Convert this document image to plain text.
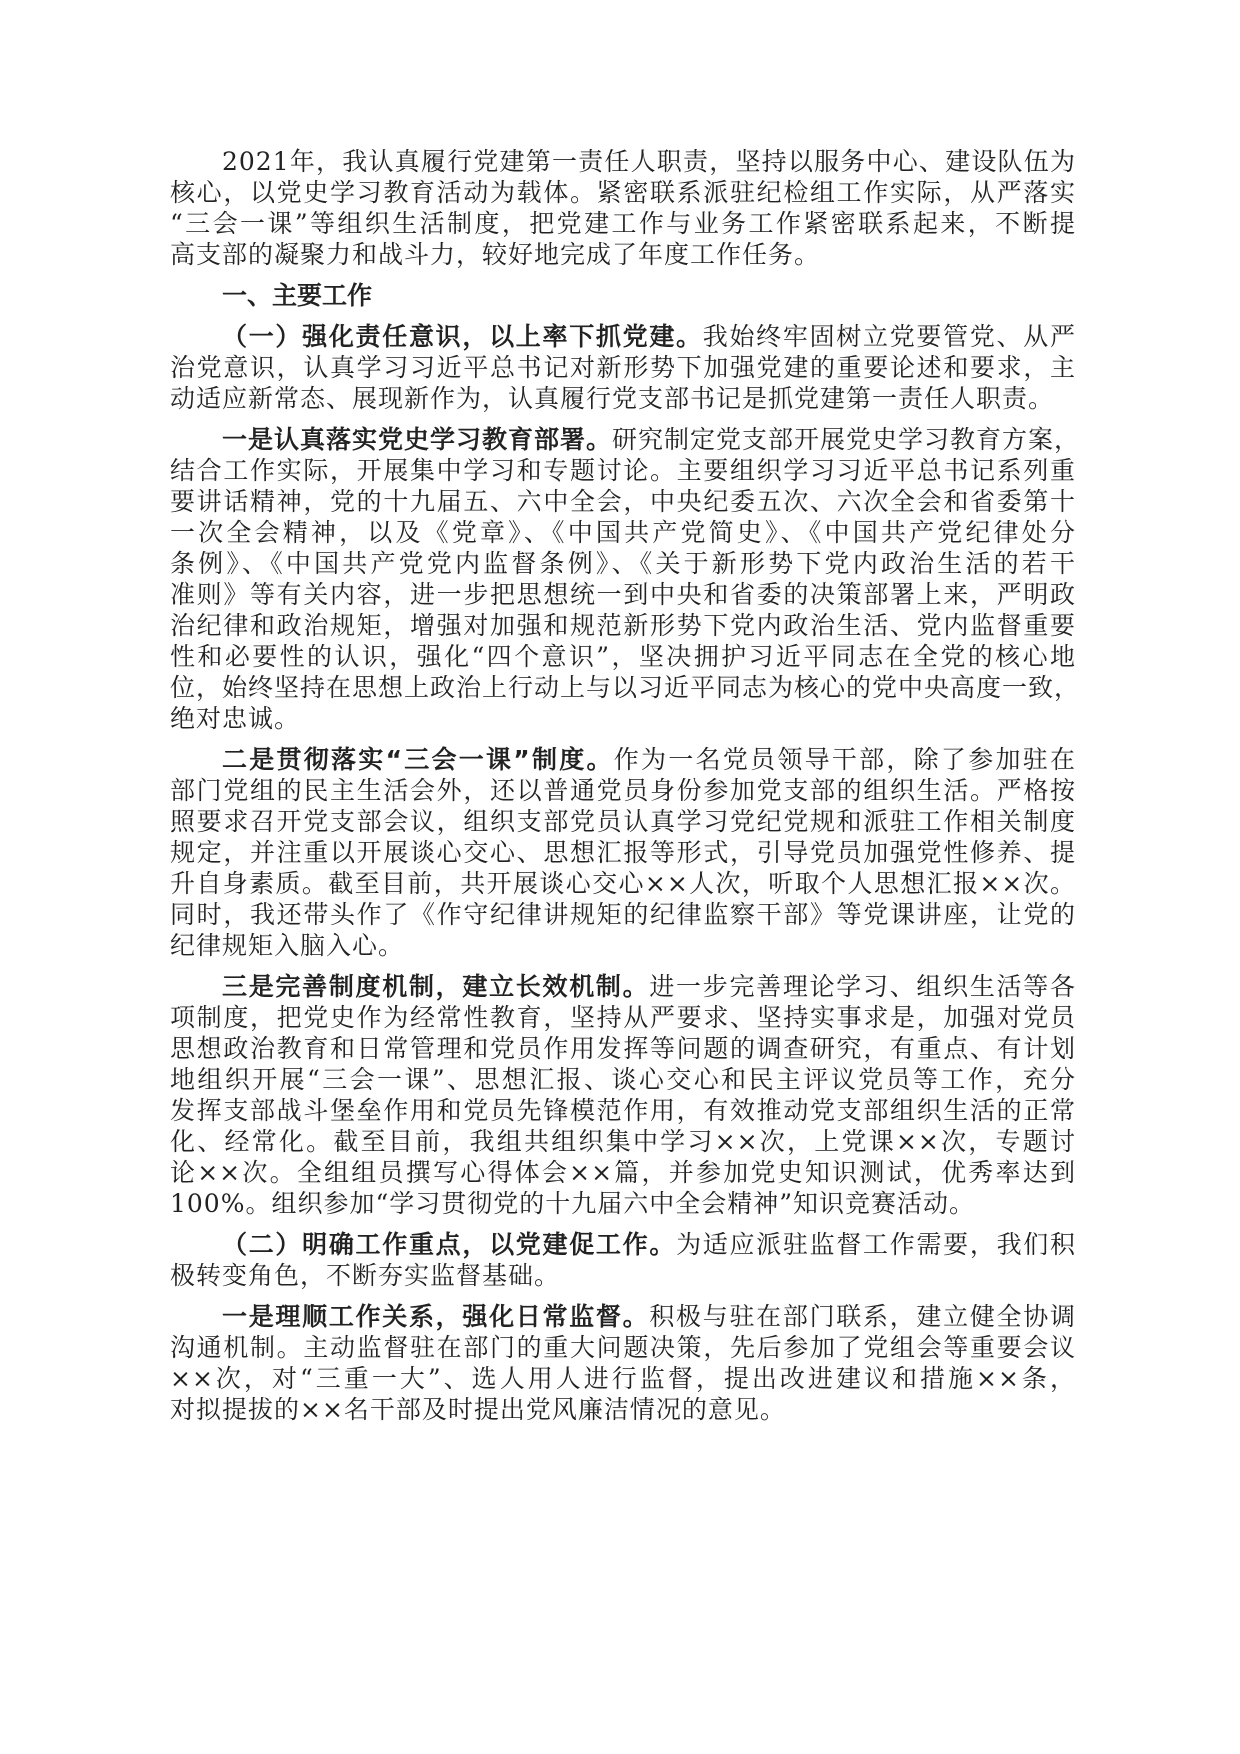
2021年，我认真履行党建第一责任人职责，坚持以服务中心、建设队伍为
核心，以党史学习教育活动为载体。紧密联系派驻纪检组工作实际，从严落实
“三会一课”等组织生活制度，把党建工作与业务工作紧密联系起来，不断提
高支部的凝聚力和战斗力，较好地完成了年度工作任务。
一、主要工作
（一）强化责任意识，以上率下抓党建。我始终牢固树立党要管党、从严
治党意识，认真学习习近平总书记对新形势下加强党建的重要论述和要求，主
动适应新常态、展现新作为，认真履行党支部书记是抓党建第一责任人职责。
一是认真落实党史学习教育部署。研究制定党支部开展党史学习教育方案，
结合工作实际，开展集中学习和专题讨论。主要组织学习习近平总书记系列重
要讲话精神，党的十九届五、六中全会，中央纪委五次、六次全会和省委第十
一次全会精神，以及《党章》、《中国共产党简史》、《中国共产党纪律处分
条例》、《中国共产党党内监督条例》、《关于新形势下党内政治生活的若干
准则》等有关内容，进一步把思想统一到中央和省委的决策部署上来，严明政
治纪律和政治规矩，增强对加强和规范新形势下党内政治生活、党内监督重要
性和必要性的认识，强化“四个意识”，坚决拥护习近平同志在全党的核心地
位，始终坚持在思想上政治上行动上与以习近平同志为核心的党中央高度一致，
绝对忠诚。
二是贯彻落实“三会一课”制度。作为一名党员领导干部，除了参加驻在
部门党组的民主生活会外，还以普通党员身份参加党支部的组织生活。严格按
照要求召开党支部会议，组织支部党员认真学习党纪党规和派驻工作相关制度
规定，并注重以开展谈心交心、思想汇报等形式，引导党员加强党性修养、提
升自身素质。截至目前，共开展谈心交心××人次，听取个人思想汇报××次。
同时，我还带头作了《作守纪律讲规矩的纪律监察干部》等党课讲座，让党的
纪律规矩入脑入心。
三是完善制度机制，建立长效机制。进一步完善理论学习、组织生活等各
项制度，把党史作为经常性教育，坚持从严要求、坚持实事求是，加强对党员
思想政治教育和日常管理和党员作用发挥等问题的调查研究，有重点、有计划
地组织开展“三会一课”、思想汇报、谈心交心和民主评议党员等工作，充分
发挥支部战斗堡垒作用和党员先锋模范作用，有效推动党支部组织生活的正常
化、经常化。截至目前，我组共组织集中学习××次，上党课××次，专题讨
论××次。全组组员撰写心得体会××篇，并参加党史知识测试，优秀率达到
100%。组织参加“学习贯彻党的十九届六中全会精神”知识竞赛活动。
（二）明确工作重点，以党建促工作。为适应派驻监督工作需要，我们积
极转变角色，不断夯实监督基础。
一是理顺工作关系，强化日常监督。积极与驻在部门联系，建立健全协调
沟通机制。主动监督驻在部门的重大问题决策，先后参加了党组会等重要会议
××次，对“三重一大”、选人用人进行监督，提出改进建议和措施××条，
对拟提拔的××名干部及时提出党风廉洁情况的意见。
